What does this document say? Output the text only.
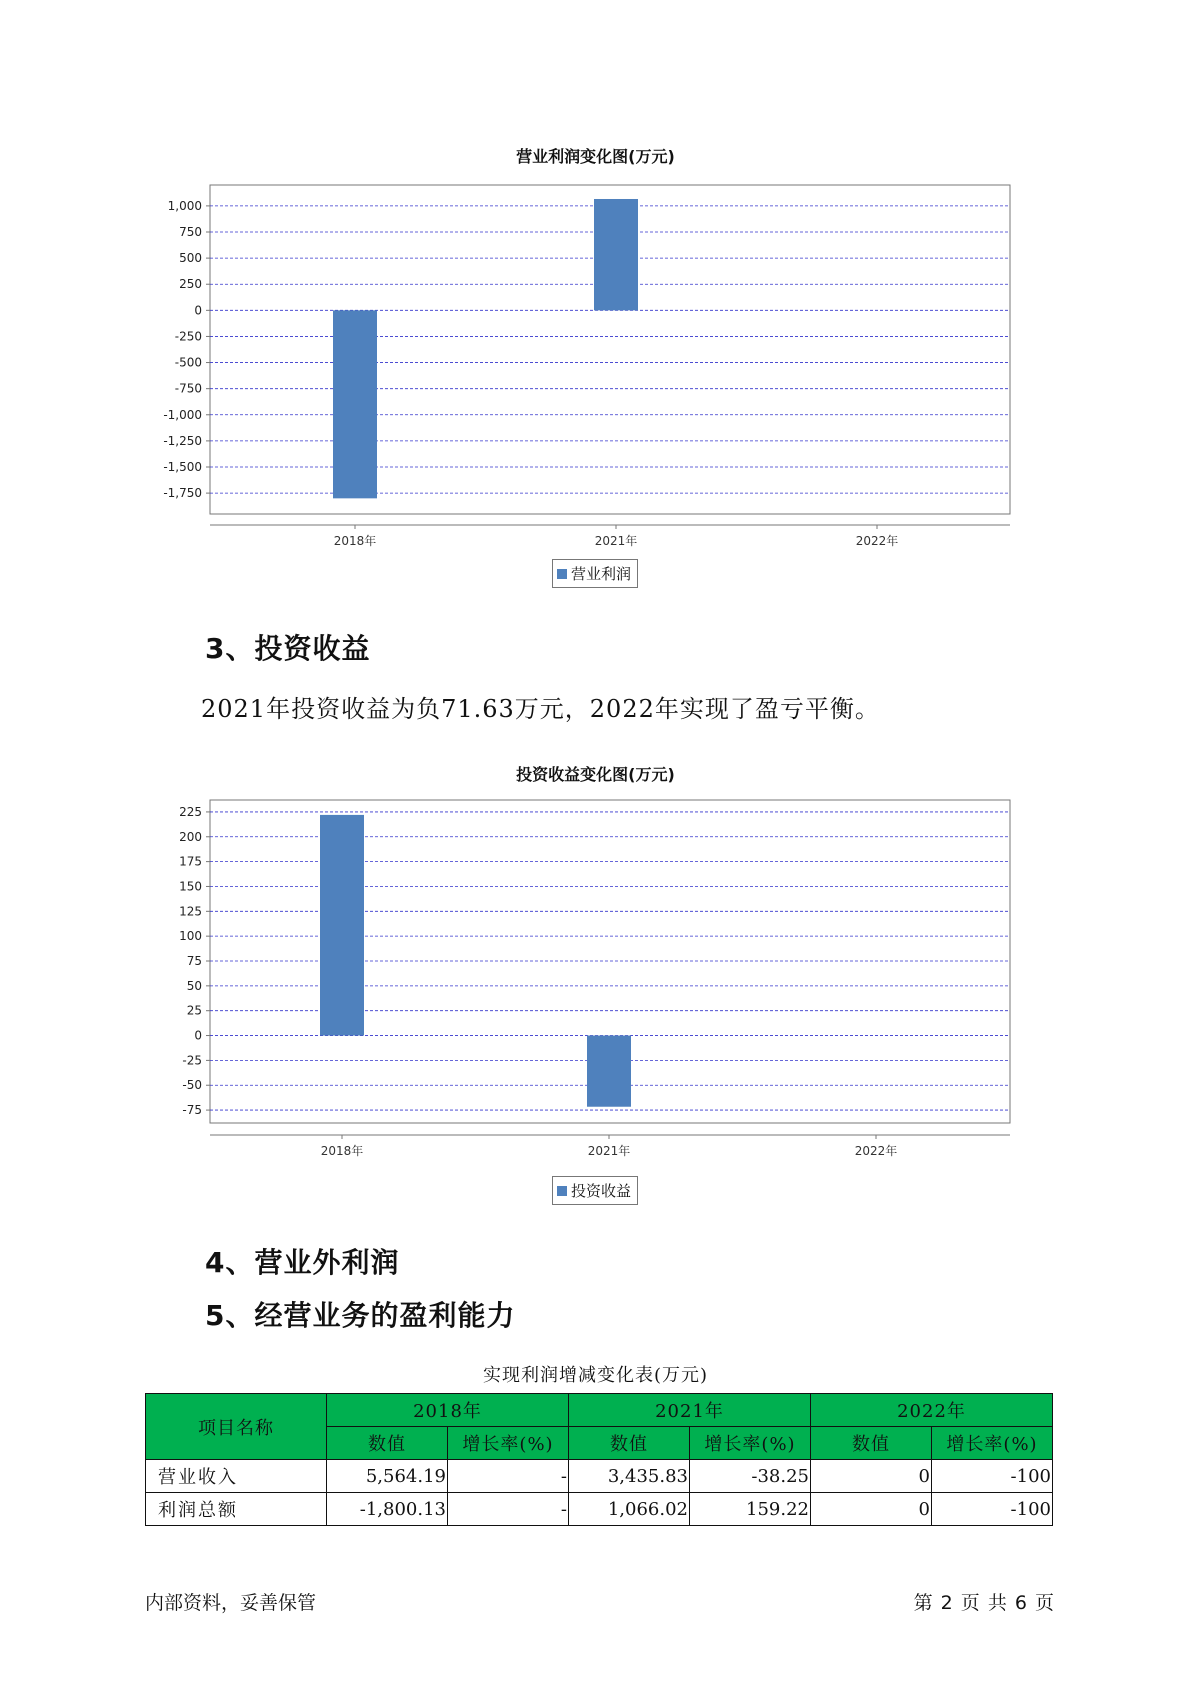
营业利润变化图(万元)
1,000
750
500
250
0
-250
-500
-750
-1,000
-1,250
-1,500
-1,750
2018年	2021年	2022年
营业利润
3、投资收益
2021年投资收益为负71.63万元，2022年实现了盈亏平衡。
投资收益变化图(万元)
225
200
175
150
125
100
75
50
25
0
-25
-50
-75
2018年	2021年	2022年
投资收益
4、营业外利润
5、经营业务的盈利能力
实现利润增减变化表(万元)
项目名称	2018年		2021年		2022年	
	数值	增长率(%)	数值	增长率(%)	数值	增长率(%)
营业收入	5,564.19	-	3,435.83	-38.25	0	-100
利润总额	-1,800.13	-	1,066.02	159.22	0	-100
内部资料，妥善保管	第 2 页 共 6 页
